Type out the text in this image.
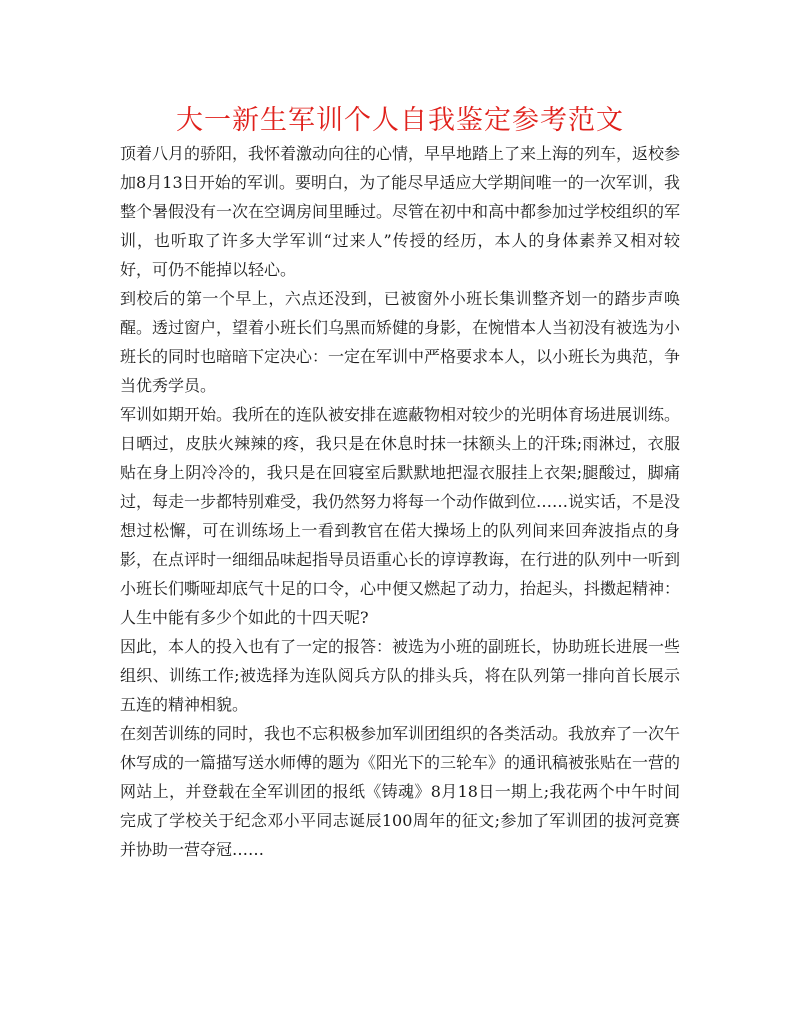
大一新生军训个人自我鉴定参考范文

顶着八月的骄阳，我怀着激动向往的心情，早早地踏上了来上海的列车，返校参加8月13日开始的军训。要明白，为了能尽早适应大学期间唯一的一次军训，我整个暑假没有一次在空调房间里睡过。尽管在初中和高中都参加过学校组织的军训，也听取了许多大学军训“过来人”传授的经历，本人的身体素养又相对较好，可仍不能掉以轻心。

到校后的第一个早上，六点还没到，已被窗外小班长集训整齐划一的踏步声唤醒。透过窗户，望着小班长们乌黑而矫健的身影，在惋惜本人当初没有被选为小班长的同时也暗暗下定决心：一定在军训中严格要求本人，以小班长为典范，争当优秀学员。

军训如期开始。我所在的连队被安排在遮蔽物相对较少的光明体育场进展训练。日晒过，皮肤火辣辣的疼，我只是在休息时抹一抹额头上的汗珠;雨淋过，衣服贴在身上阴冷冷的，我只是在回寝室后默默地把湿衣服挂上衣架;腿酸过，脚痛过，每走一步都特别难受，我仍然努力将每一个动作做到位……说实话，不是没想过松懈，可在训练场上一看到教官在偌大操场上的队列间来回奔波指点的身影，在点评时一细细品味起指导员语重心长的谆谆教诲，在行进的队列中一听到小班长们嘶哑却底气十足的口令，心中便又燃起了动力，抬起头，抖擞起精神：人生中能有多少个如此的十四天呢?

因此，本人的投入也有了一定的报答：被选为小班的副班长，协助班长进展一些组织、训练工作;被选择为连队阅兵方队的排头兵，将在队列第一排向首长展示五连的精神相貌。

在刻苦训练的同时，我也不忘积极参加军训团组织的各类活动。我放弃了一次午休写成的一篇描写送水师傅的题为《阳光下的三轮车》的通讯稿被张贴在一营的网站上，并登载在全军训团的报纸《铸魂》8月18日一期上;我花两个中午时间完成了学校关于纪念邓小平同志诞辰100周年的征文;参加了军训团的拔河竞赛并协助一营夺冠……
